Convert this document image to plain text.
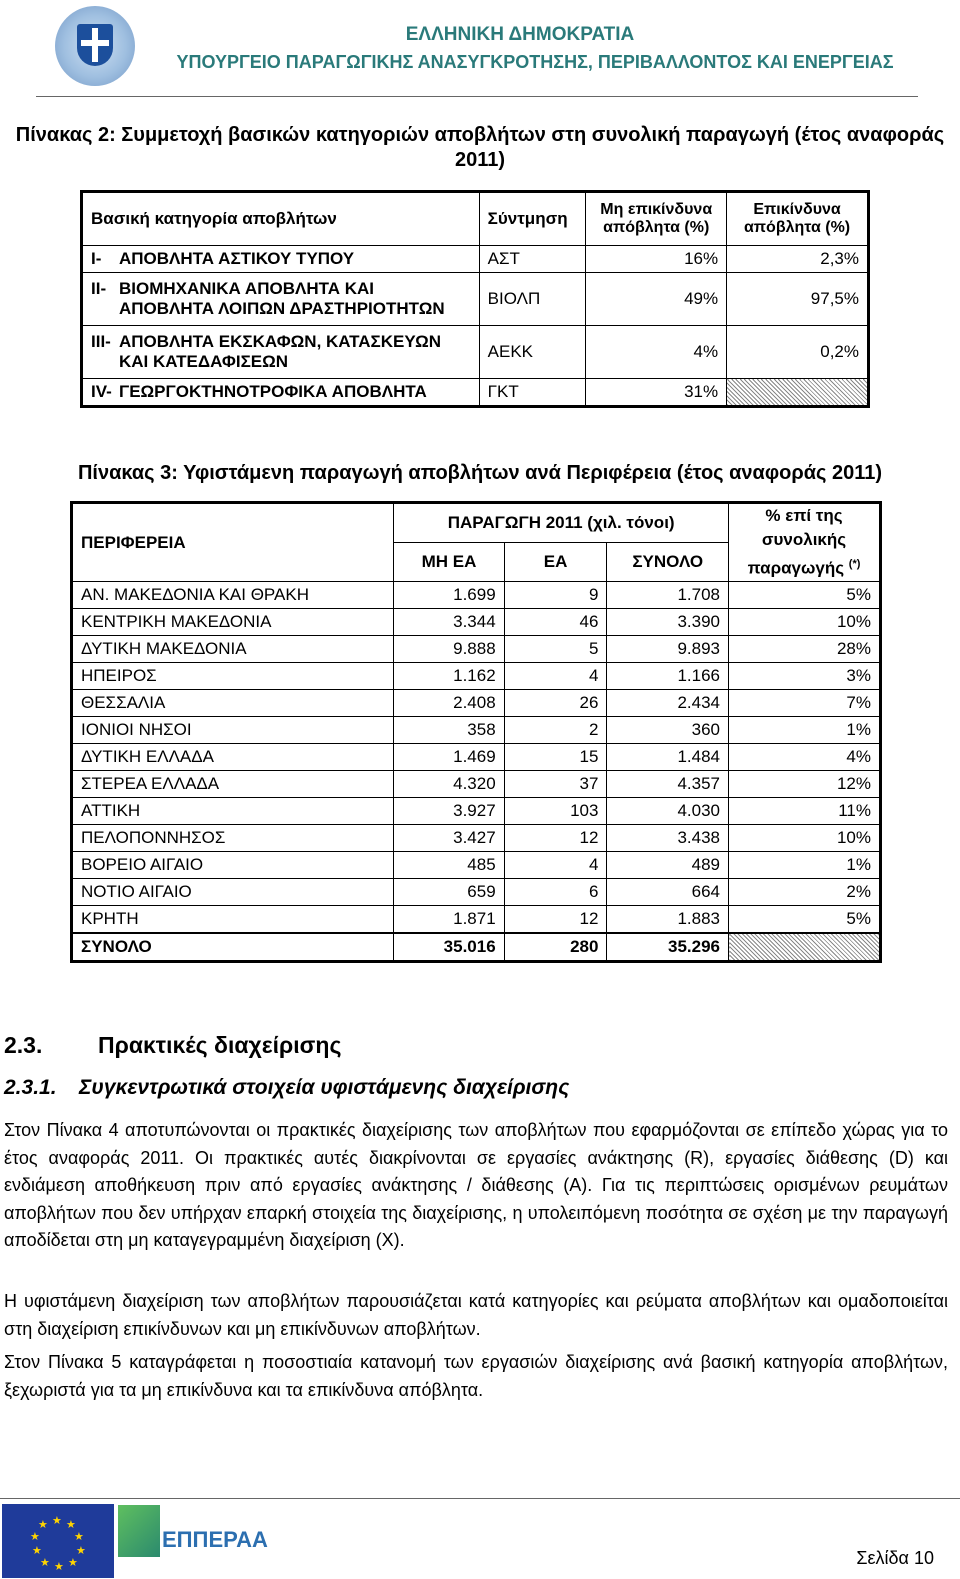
ΕΛΛΗΝΙΚΗ ΔΗΜΟΚΡΑΤΙΑ
ΥΠΟΥΡΓΕΙΟ ΠΑΡΑΓΩΓΙΚΗΣ ΑΝΑΣΥΓΚΡΟΤΗΣΗΣ, ΠΕΡΙΒΑΛΛΟΝΤΟΣ ΚΑΙ ΕΝΕΡΓΕΙΑΣ
Πίνακας 2: Συμμετοχή βασικών κατηγοριών αποβλήτων στη συνολική παραγωγή (έτος αναφοράς
2011)
Βασική κατηγορία αποβλήτων	Σύντμηση	Μη επικίνδυνα απόβλητα (%)	Επικίνδυνα απόβλητα (%)
I- ΑΠΟΒΛΗΤΑ ΑΣΤΙΚΟΥ ΤΥΠΟΥ	ΑΣΤ	16%	2,3%

II- ΒΙΟΜΗΧΑΝΙΚΑ ΑΠΟΒΛΗΤΑ ΚΑΙ
ΑΠΟΒΛΗΤΑ ΛΟΙΠΩΝ ΔΡΑΣΤΗΡΙΟΤΗΤΩΝ	ΒΙΟΛΠ	49%	97,5%

III- ΑΠΟΒΛΗΤΑ ΕΚΣΚΑΦΩΝ, ΚΑΤΑΣΚΕΥΩΝ
ΚΑΙ ΚΑΤΕΔΑΦΙΣΕΩΝ	ΑΕΚΚ	4%	0,2%
IV- ΓΕΩΡΓΟΚΤΗΝΟΤΡΟΦΙΚΑ ΑΠΟΒΛΗΤΑ	ΓΚΤ	31%	
Πίνακας 3: Υφιστάμενη παραγωγή αποβλήτων ανά Περιφέρεια (έτος αναφοράς 2011)
ΠΕΡΙΦΕΡΕΙΑ	ΠΑΡΑΓΩΓΗ 2011 (χιλ. τόνοι)			% επί της συνολικής παραγωγής (*)
	ΜΗ ΕΑ	ΕΑ	ΣΥΝΟΛΟ	
ΑΝ. ΜΑΚΕΔΟΝΙΑ ΚΑΙ ΘΡΑΚΗ	1.699	9	1.708	5%
ΚΕΝΤΡΙΚΗ ΜΑΚΕΔΟΝΙΑ	3.344	46	3.390	10%
ΔΥΤΙΚΗ ΜΑΚΕΔΟΝΙΑ	9.888	5	9.893	28%
ΗΠΕΙΡΟΣ	1.162	4	1.166	3%
ΘΕΣΣΑΛΙΑ	2.408	26	2.434	7%
ΙΟΝΙΟΙ ΝΗΣΟΙ	358	2	360	1%
ΔΥΤΙΚΗ ΕΛΛΑΔΑ	1.469	15	1.484	4%
ΣΤΕΡΕΑ ΕΛΛΑΔΑ	4.320	37	4.357	12%
ΑΤΤΙΚΗ	3.927	103	4.030	11%
ΠΕΛΟΠΟΝΝΗΣΟΣ	3.427	12	3.438	10%
ΒΟΡΕΙΟ ΑΙΓΑΙΟ	485	4	489	1%
ΝΟΤΙΟ ΑΙΓΑΙΟ	659	6	664	2%
ΚΡΗΤΗ	1.871	12	1.883	5%
ΣΥΝΟΛΟ	35.016	280	35.296	
2.3. Πρακτικές διαχείρισης
2.3.1. Συγκεντρωτικά στοιχεία υφιστάμενης διαχείρισης
Στον Πίνακα 4 αποτυπώνονται οι πρακτικές διαχείρισης των αποβλήτων που εφαρμόζονται σε επίπεδο χώρας για το έτος αναφοράς 2011. Οι πρακτικές αυτές διακρίνονται σε εργασίες ανάκτησης (R), εργασίες διάθεσης (D) και ενδιάμεση αποθήκευση πριν από εργασίες ανάκτησης / διάθεσης (A). Για τις περιπτώσεις ορισμένων ρευμάτων αποβλήτων που δεν υπήρχαν επαρκή στοιχεία της διαχείρισης, η υπολειπόμενη ποσότητα σε σχέση με την παραγωγή αποδίδεται στη μη καταγεγραμμένη διαχείριση (X).
Η υφιστάμενη διαχείριση των αποβλήτων παρουσιάζεται κατά κατηγορίες και ρεύματα αποβλήτων και ομαδοποιείται στη διαχείριση επικίνδυνων και μη επικίνδυνων αποβλήτων.
Στον Πίνακα 5 καταγράφεται η ποσοστιαία κατανομή των εργασιών διαχείρισης ανά βασική κατηγορία αποβλήτων, ξεχωριστά για τα μη επικίνδυνα και τα επικίνδυνα απόβλητα.
★ ★
★
★
★
★
★
★
★
★
ΕΠΠΕΡΑΑ
Σελίδα 10
